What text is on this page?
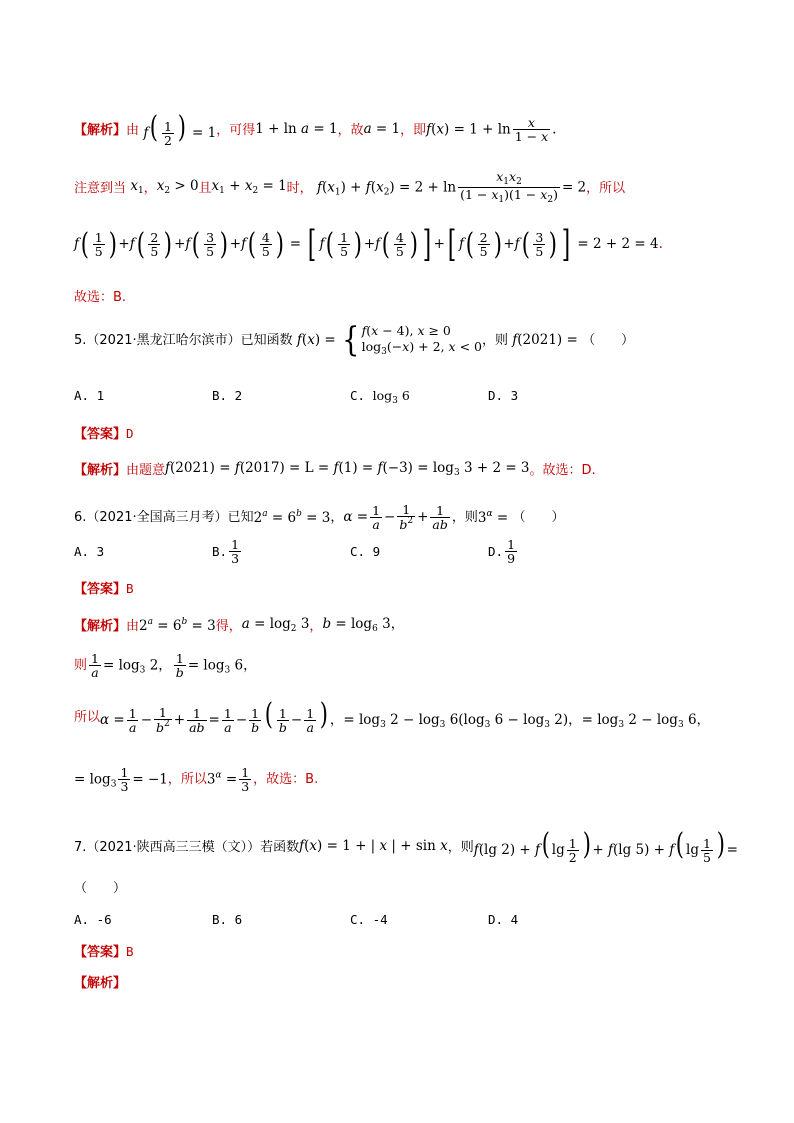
【解析】 由 $f( \frac{1}{2}$ ) = 1 ，可得 1 + ln a = 1 ，故 a = 1 ，即 $f(x) = 1 + \ln \frac{x}{1 - x}$ .
注意到当 $x_1$ ， $x_2 > 0$ 且 $x_1 + x_2 = 1$ 时， $f(x_1) + f(x_2) = 2 + \ln \frac{x_1x_2}{(1 - x_1)(1 - x_2)} = 2$ ，所以
f ( $\frac{1}{5}$ ) + f ( $\frac{2}{5}$ ) + f ( $\frac{3}{5}$ ) + f ( $\frac{4}{5}$ ) = [ f ( $\frac{1}{5}$ ) + f ( $\frac{4}{5}$ ) ] + [ f ( $\frac{2}{5}$ ) + f ( $\frac{3}{5}$ ) ]
= 2 + 2 = 4 .
故选：B.
5.（2021·黑龙江哈尔滨市）已知函数 f(x) = { f(x − 4), x ≥ 0
$\log_3(-x) + 2$, x < 0 ，则 f(2021) = （　　）
A. 1	B. 2	C. $\log_3 6$	D. 3
【答案】D
【解析】 由题意 $f(2021) = f(2017) = L = f(1) = f(-3) = \log_3 3 + 2 = 3$ 。故选：D.
6.（2021·全国高三月考）已知 $2^a = 6^b = 3$ ， $\alpha = \frac{1}{a} - \frac{1}{b^2} + \frac{1}{ab}$ ，则 $3^\alpha$ = （　　）
A. 3	B. $\frac{1}{3}$	C. 9	D. $\frac{1}{9}$
【答案】B
【解析】 由 $2^a = 6^b = 3$ 得， $a = \log_2 3$ ， $b = \log_6 3$，
则 $\frac{1}{a} = \log_3 2$， $\frac{1}{b} = \log_3 6$，
所以 $\alpha = \frac{1}{a} - \frac{1}{b^2} + \frac{1}{ab} = \frac{1}{a} - \frac{1}{b}$ ( $\frac{1}{b} - \frac{1}{a}$ ) ，= $\log_3 2 - \log_3 6(\log_3$ $6 - \log_3 2$)，= $\log_3 2 - \log_3 6$，
= $\log_3 \frac{1}{3} = -1$ ，所以 $3^\alpha = \frac{1}{3}$ ，故选：B.
7.（2021·陕西高三三模（文））若函数 f(x) = 1 + | x | + sin x ，则 f(lg 2) + f( $\lg \frac{1}{2}$ ) + f(lg 5) + f( $\lg \frac{1}{5}$ ) =
（　　）
A. -6	B. 6	C. -4	D. 4
【答案】B
【解析】
